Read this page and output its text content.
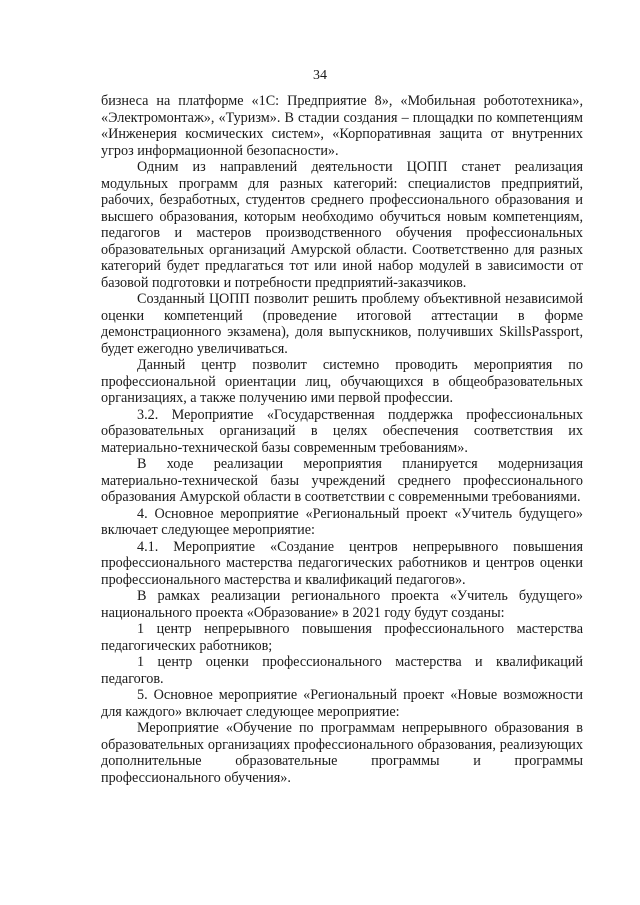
34

бизнеса на платформе «1С: Предприятие 8», «Мобильная робототехника», «Электромонтаж», «Туризм». В стадии создания – площадки по компетенциям «Инженерия космических систем», «Корпоративная защита от внутренних угроз информационной безопасности».

Одним из направлений деятельности ЦОПП станет реализация модульных программ для разных категорий: специалистов предприятий, рабочих, безработных, студентов среднего профессионального образования и высшего образования, которым необходимо обучиться новым компетенциям, педагогов и мастеров производственного обучения профессиональных образовательных организаций Амурской области. Соответственно для разных категорий будет предлагаться тот или иной набор модулей в зависимости от базовой подготовки и потребности предприятий-заказчиков.

Созданный ЦОПП позволит решить проблему объективной независимой оценки компетенций (проведение итоговой аттестации в форме демонстрационного экзамена), доля выпускников, получивших SkillsPassport, будет ежегодно увеличиваться.

Данный центр позволит системно проводить мероприятия по профессиональной ориентации лиц, обучающихся в общеобразовательных организациях, а также получению ими первой профессии.

3.2. Мероприятие «Государственная поддержка профессиональных образовательных организаций в целях обеспечения соответствия их материально-технической базы современным требованиям».

В ходе реализации мероприятия планируется модернизация материально-технической базы учреждений среднего профессионального образования Амурской области в соответствии с современными требованиями.

4. Основное мероприятие «Региональный проект «Учитель будущего» включает следующее мероприятие:

4.1. Мероприятие «Создание центров непрерывного повышения профессионального мастерства педагогических работников и центров оценки профессионального мастерства и квалификаций педагогов».

В рамках реализации регионального проекта «Учитель будущего» национального проекта «Образование» в 2021 году будут созданы:

1 центр непрерывного повышения профессионального мастерства педагогических работников;

1 центр оценки профессионального мастерства и квалификаций педагогов.

5. Основное мероприятие «Региональный проект «Новые возможности для каждого» включает следующее мероприятие:

Мероприятие «Обучение по программам непрерывного образования в образовательных организациях профессионального образования, реализующих дополнительные образовательные программы и программы профессионального обучения».
